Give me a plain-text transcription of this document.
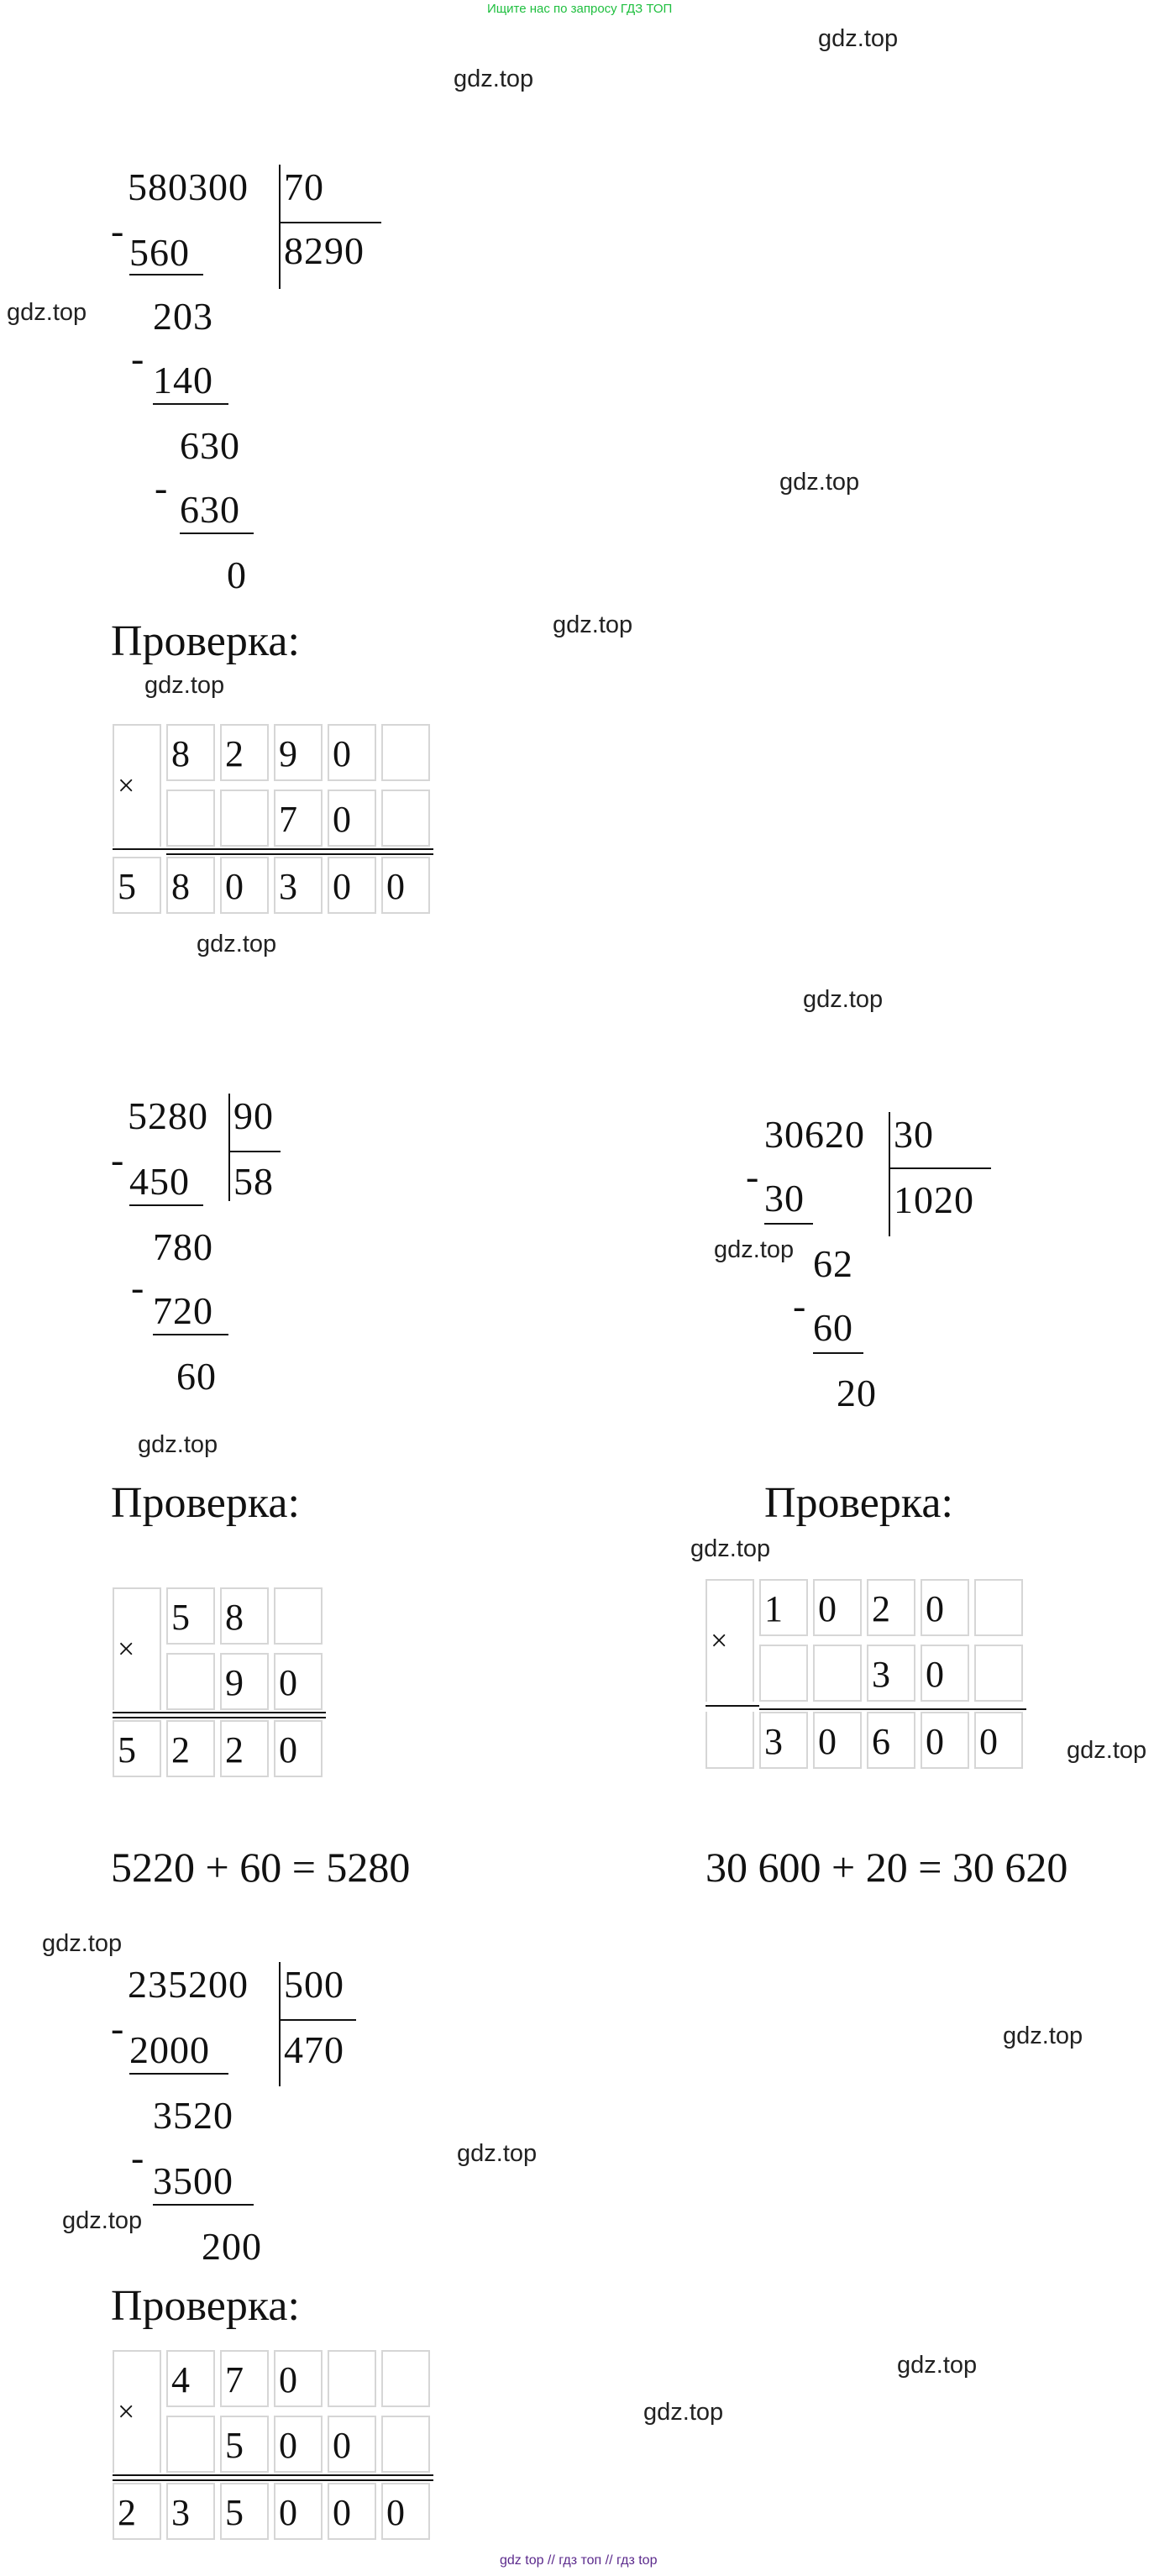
Ищите нас по запросу ГДЗ ТОП
gdz top // гдз топ // гдз top
gdz.top
gdz.top
gdz.top
gdz.top
gdz.top
gdz.top
gdz.top
gdz.top
gdz.top
gdz.top
gdz.top
gdz.top
gdz.top
gdz.top
gdz.top
gdz.top
gdz.top
gdz.top
580300 70
8290
-
560
203
-
140
630
-
630
0
Проверка:
×
8 2 9 0
7 0
5 8 0 3 0 0
5280 90
58
-
450
780
-
720
60
Проверка:
×
5 8
9 0
5 2 2 0
5220 + 60 = 5280
30620 30
1020
-
30
62
-
60
20
Проверка:
×
1 0 2 0
3 0
3 0 6 0 0
30 600 + 20 = 30 620
235200 500
470
-
2000
3520
-
3500
200
Проверка:
×
4 7 0
5 0 0
2 3 5 0 0 0
